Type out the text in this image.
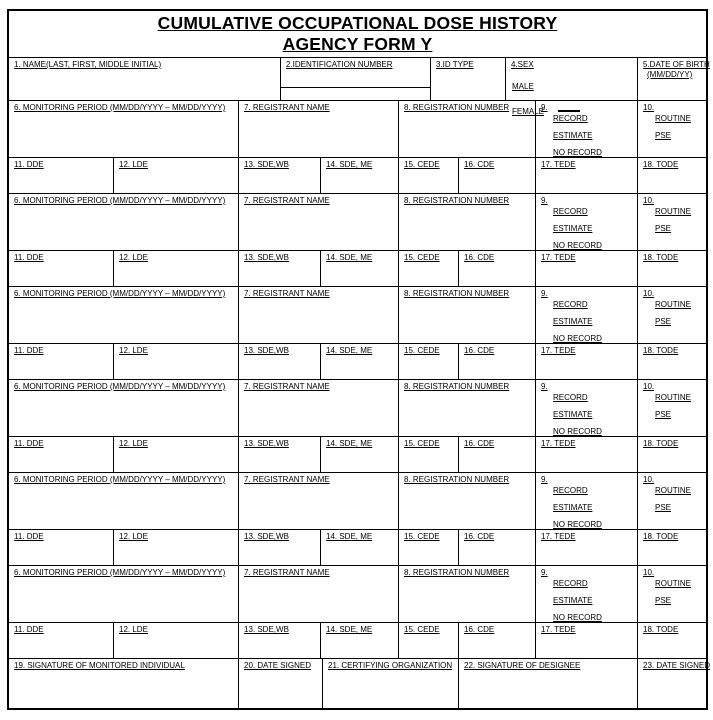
CUMULATIVE OCCUPATIONAL DOSE HISTORY
AGENCY FORM Y
1. NAME(LAST, FIRST, MIDDLE INITIAL)	2.IDENTIFICATION NUMBER	3.ID TYPE	4.SEX
MALE
FEMALE
5.DATE OF BIRTH
(MM/DD/YY)
6. MONITORING PERIOD (MM/DD/YYYY – MM/DD/YYYY) 7. REGISTRANT NAME	8. REGISTRATION NUMBER	9.
RECORD
ESTIMATE
NO RECORD
10.
ROUTINE
PSE
11. DDE	12. LDE	13. SDE,WB	14. SDE, ME	15. CEDE	16. CDE	17. TEDE	18. TODE
6. MONITORING PERIOD (MM/DD/YYYY – MM/DD/YYYY) 7. REGISTRANT NAME	8. REGISTRATION NUMBER	9.
RECORD
ESTIMATE
NO RECORD
10.
ROUTINE
PSE
11. DDE	12. LDE	13. SDE,WB	14. SDE, ME	15. CEDE	16. CDE	17. TEDE	18. TODE
6. MONITORING PERIOD (MM/DD/YYYY – MM/DD/YYYY) 7. REGISTRANT NAME	8. REGISTRATION NUMBER	9.
RECORD
ESTIMATE
NO RECORD
10.
ROUTINE
PSE
11. DDE	12. LDE	13. SDE,WB	14. SDE, ME	15. CEDE	16. CDE	17. TEDE	18. TODE
6. MONITORING PERIOD (MM/DD/YYYY – MM/DD/YYYY) 7. REGISTRANT NAME	8. REGISTRATION NUMBER	9.
RECORD
ESTIMATE
NO RECORD
10.
ROUTINE
PSE
11. DDE	12. LDE	13. SDE,WB	14. SDE, ME	15. CEDE	16. CDE	17. TEDE	18. TODE
6. MONITORING PERIOD (MM/DD/YYYY – MM/DD/YYYY) 7. REGISTRANT NAME	8. REGISTRATION NUMBER	9.
RECORD
ESTIMATE
NO RECORD
10.
ROUTINE
PSE
11. DDE	12. LDE	13. SDE,WB	14. SDE, ME	15. CEDE	16. CDE	17. TEDE	18. TODE
6. MONITORING PERIOD (MM/DD/YYYY – MM/DD/YYYY) 7. REGISTRANT NAME	8. REGISTRATION NUMBER	9.
RECORD
ESTIMATE
NO RECORD
10.
ROUTINE
PSE
11. DDE	12. LDE	13. SDE,WB	14. SDE, ME	15. CEDE	16. CDE	17. TEDE	18. TODE
19. SIGNATURE OF MONITORED INDIVIDUAL	20. DATE SIGNED 21. CERTIFYING ORGANIZATION 22. SIGNATURE OF DESIGNEE	23. DATE SIGNED
